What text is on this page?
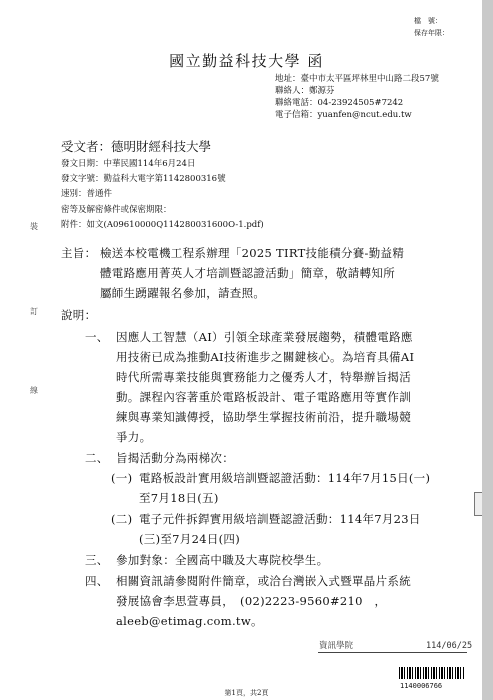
檔　號：
保存年限：
國立勤益科技大學 函
地址：臺中市太平區坪林里中山路二段57號
聯絡人：鄭源芬
聯絡電話：04-23924505#7242
電子信箱：yuanfen@ncut.edu.tw
受文者：德明財經科技大學
發文日期：中華民國114年6月24日
發文字號：勤益科大電字第1142800316號
速別：普通件
密等及解密條件或保密期限：
附件：如文(A09610000Q114280031600O-1.pdf)
裝
訂
線
主旨： 檢送本校電機工程系辦理「2025 TIRT技能積分賽-勤益精
體電路應用菁英人才培訓暨認證活動」簡章，敬請轉知所
屬師生踴躍報名參加，請查照。
說明：
一、 因應人工智慧（AI）引領全球產業發展趨勢，積體電路應
用技術已成為推動AI技術進步之關鍵核心。為培育具備AI
時代所需專業技能與實務能力之優秀人才，特舉辦旨揭活
動。課程內容著重於電路板設計、電子電路應用等實作訓
練與專業知識傳授，協助學生掌握技術前沿，提升職場競
爭力。
二、 旨揭活動分為兩梯次：
(一) 電路板設計實用級培訓暨認證活動：114年7月15日(一)
至7月18日(五)
(二) 電子元件拆銲實用級培訓暨認證活動：114年7月23日
(三)至7月24日(四)
三、 參加對象：全國高中職及大專院校學生。
四、 相關資訊請參閱附件簡章，或洽台灣嵌入式暨單晶片系統
發展協會李思萱專員，　(02)2223-9560#210　，
aleeb@etimag.com.tw。
資訊學院	114/06/25
1140006766
第1頁，共2頁
